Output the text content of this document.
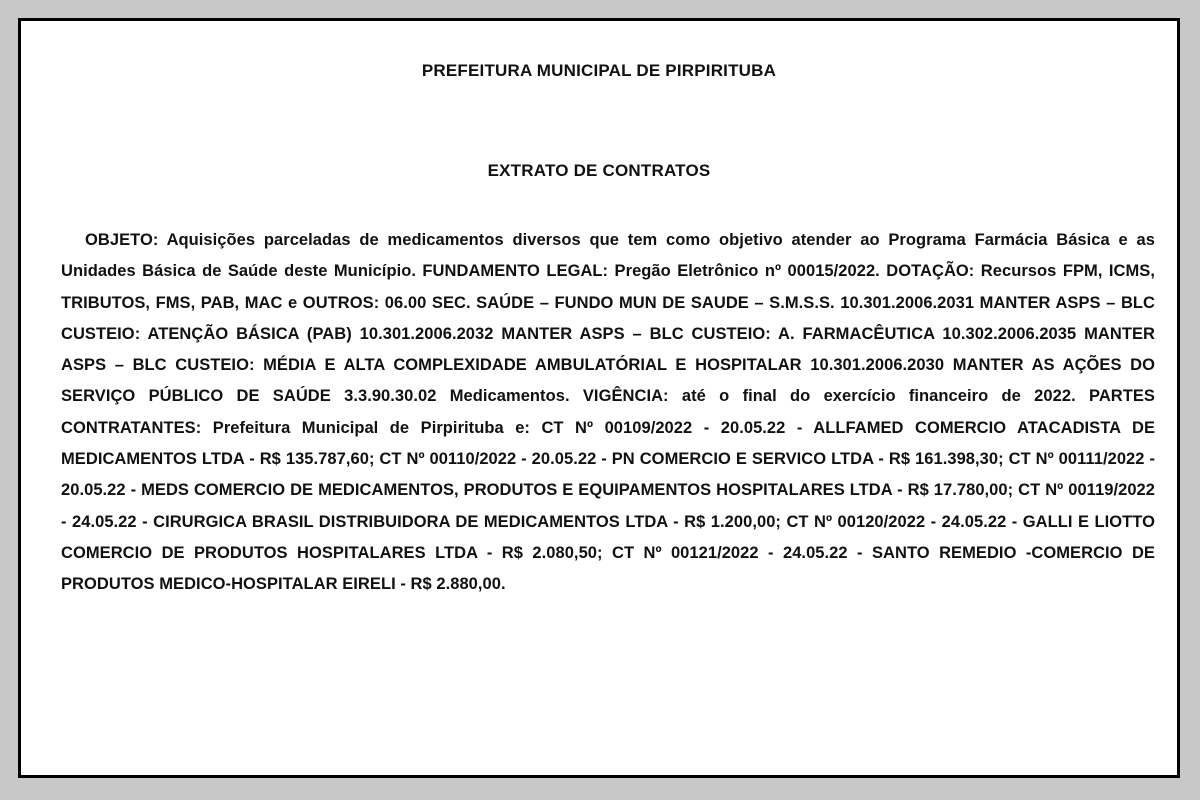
PREFEITURA MUNICIPAL DE PIRPIRITUBA
EXTRATO DE CONTRATOS
OBJETO: Aquisições parceladas de medicamentos diversos que tem como objetivo atender ao Programa Farmácia Básica e as Unidades Básica de Saúde deste Município. FUNDAMENTO LEGAL: Pregão Eletrônico nº 00015/2022. DOTAÇÃO: Recursos FPM, ICMS, TRIBUTOS, FMS, PAB, MAC e OUTROS: 06.00 SEC. SAÚDE – FUNDO MUN DE SAUDE – S.M.S.S. 10.301.2006.2031 MANTER ASPS – BLC CUSTEIO: ATENÇÃO BÁSICA (PAB) 10.301.2006.2032 MANTER ASPS – BLC CUSTEIO: A. FARMACÊUTICA 10.302.2006.2035 MANTER ASPS – BLC CUSTEIO: MÉDIA E ALTA COMPLEXIDADE AMBULATÓRIAL E HOSPITALAR 10.301.2006.2030 MANTER AS AÇÕES DO SERVIÇO PÚBLICO DE SAÚDE 3.3.90.30.02 Medicamentos. VIGÊNCIA: até o final do exercício financeiro de 2022. PARTES CONTRATANTES: Prefeitura Municipal de Pirpirituba e: CT Nº 00109/2022 - 20.05.22 - ALLFAMED COMERCIO ATACADISTA DE MEDICAMENTOS LTDA - R$ 135.787,60; CT Nº 00110/2022 - 20.05.22 - PN COMERCIO E SERVICO LTDA - R$ 161.398,30; CT Nº 00111/2022 - 20.05.22 - MEDS COMERCIO DE MEDICAMENTOS, PRODUTOS E EQUIPAMENTOS HOSPITALARES LTDA - R$ 17.780,00; CT Nº 00119/2022 - 24.05.22 - CIRURGICA BRASIL DISTRIBUIDORA DE MEDICAMENTOS LTDA - R$ 1.200,00; CT Nº 00120/2022 - 24.05.22 - GALLI E LIOTTO COMERCIO DE PRODUTOS HOSPITALARES LTDA - R$ 2.080,50; CT Nº 00121/2022 - 24.05.22 - SANTO REMEDIO -COMERCIO DE PRODUTOS MEDICO-HOSPITALAR EIRELI - R$ 2.880,00.
